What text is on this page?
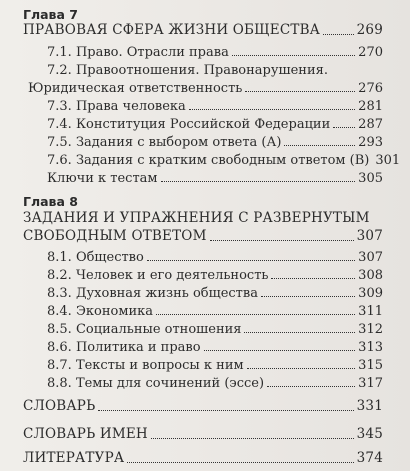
Глава 7
ПРАВОВАЯ СФЕРА ЖИЗНИ ОБЩЕСТВА	269
7.1. Право. Отрасли права	270
7.2. Правоотношения. Правонарушения.
Юридическая ответственность	276
7.3. Права человека	281
7.4. Конституция Российской Федерации 287
7.5. Задания с выбором ответа (А)	293
7.6. Задания с кратким свободным ответом (В) 301
Ключи к тестам	305
Глава 8
ЗАДАНИЯ И УПРАЖНЕНИЯ С РАЗВЕРНУТЫМ
СВОБОДНЫМ ОТВЕТОМ	307
8.1. Общество	307
8.2. Человек и его деятельность	308
8.3. Духовная жизнь общества	309
8.4. Экономика	311
8.5. Социальные отношения	312
8.6. Политика и право	313
8.7. Тексты и вопросы к ним	315
8.8. Темы для сочинений (эссе)	317
СЛОВАРЬ	331
СЛОВАРЬ ИМЕН	345
ЛИТЕРАТУРА	374
